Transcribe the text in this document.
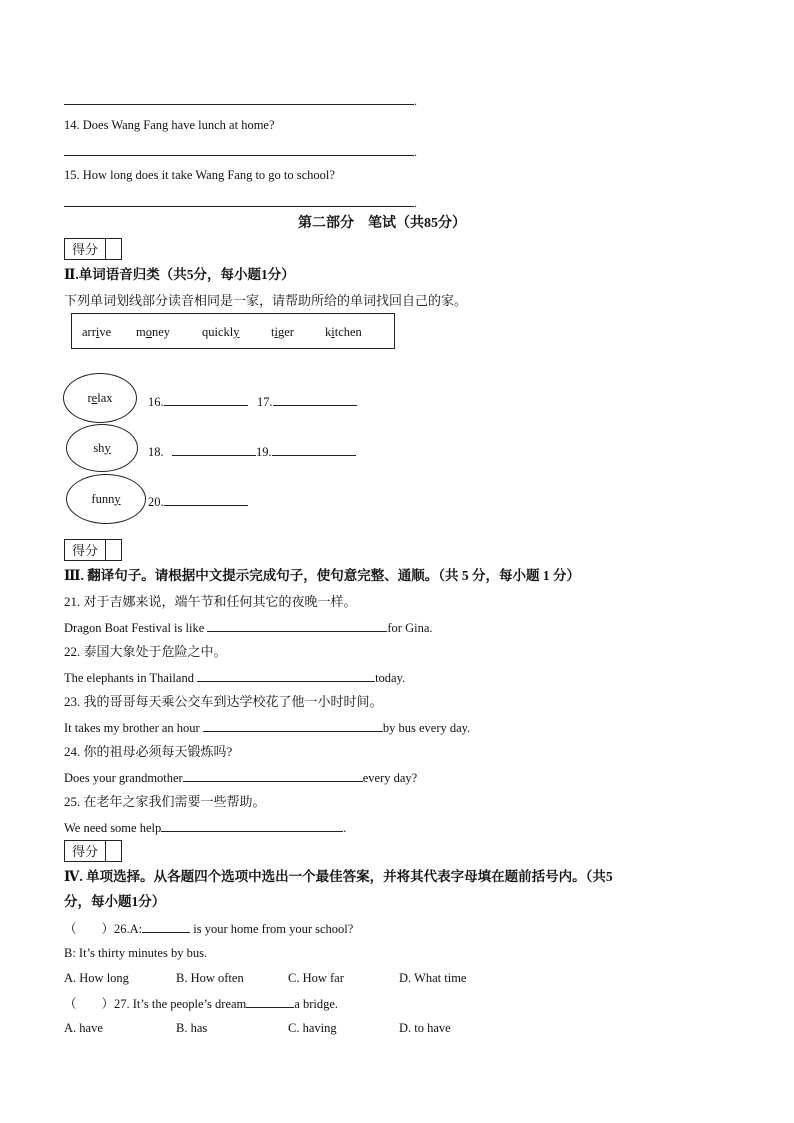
.
14. Does Wang Fang have lunch at home?
.
15. How long does it take Wang Fang to go to school?
.
第二部分　笔试（共85分）
得分
Ⅱ.单词语音归类（共5分，每小题1分）
下列单词划线部分读音相同是一家，请帮助所给的单词找回自己的家。
arrive money	quickly	tiger kitchen
r e lax
sh y
funn y
16.	17.
18.	19.
20.
得分
Ⅲ. 翻译句子。请根据中文提示完成句子，使句意完整、通顺。（共 5 分，每小题 1 分）
21. 对于吉娜来说，端午节和任何其它的夜晚一样。
Dragon Boat Festival is like	for Gina.
22. 泰国大象处于危险之中。
The elephants in Thailand	today.
23. 我的哥哥每天乘公交车到达学校花了他一小时时间。
It takes my brother an hour	by bus every day.
24. 你的祖母必须每天锻炼吗?
Does your grandmother	every day?
25. 在老年之家我们需要一些帮助。
We need some help	.
得分
Ⅳ. 单项选择。从各题四个选项中选出一个最佳答案，并将其代表字母填在题前括号内。（共5
分，每小题1分）
（　　）26.A:	is your home from your school?
B: It’s thirty minutes by bus.
A. How long	B. How often	C. How far	D. What time
（　　）27. It’s the people’s dream	a bridge.
A. have	B. has	C. having	D. to have
